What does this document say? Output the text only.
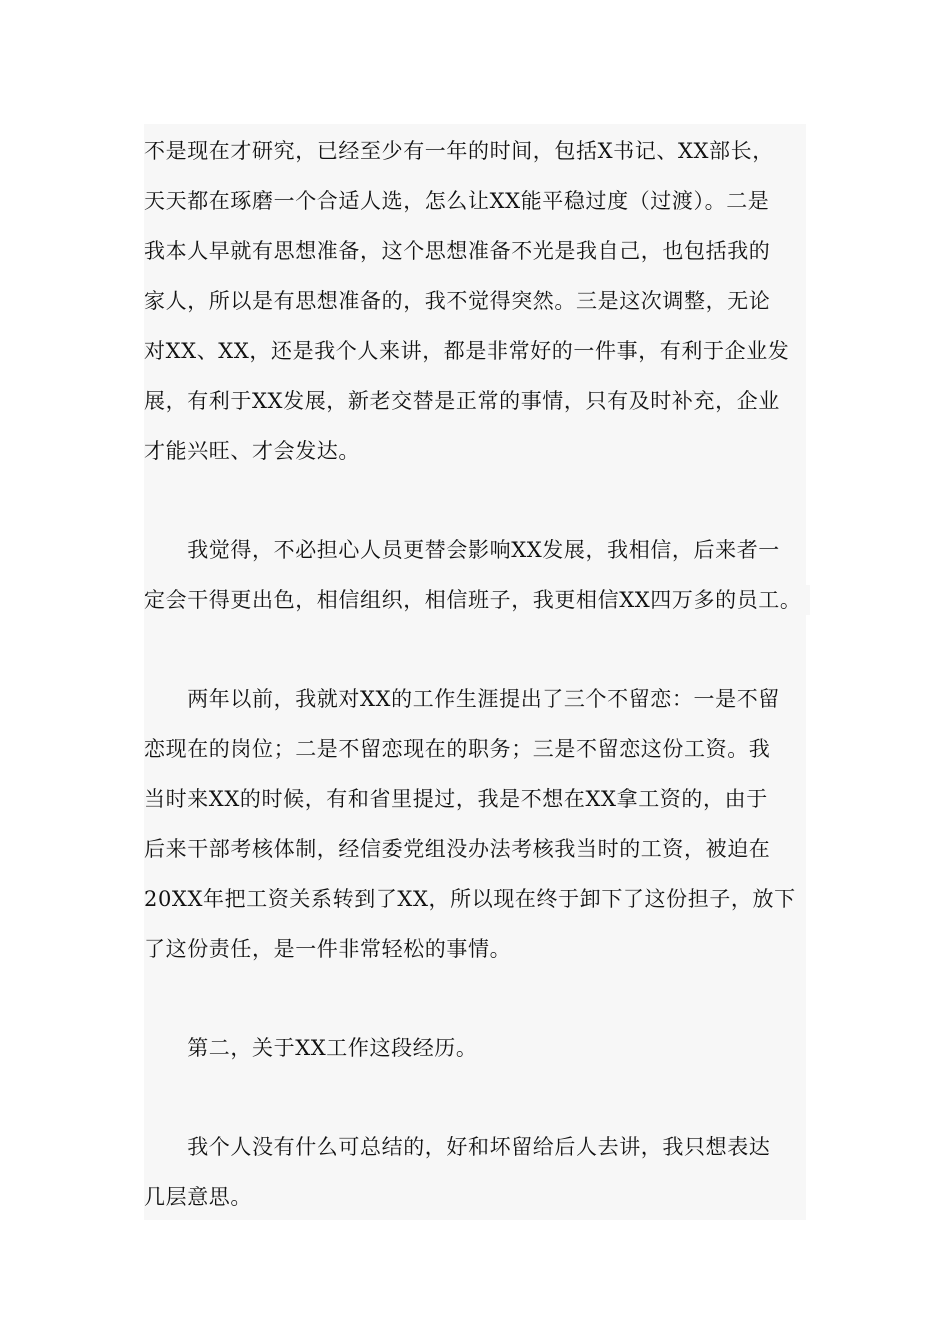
不是现在才研究，已经至少有一年的时间，包括X书记、XX部长，
天天都在琢磨一个合适人选，怎么让XX能平稳过度（过渡）。二是
我本人早就有思想准备，这个思想准备不光是我自己，也包括我的
家人，所以是有思想准备的，我不觉得突然。三是这次调整，无论
对XX、XX，还是我个人来讲，都是非常好的一件事，有利于企业发
展，有利于XX发展，新老交替是正常的事情，只有及时补充，企业
才能兴旺、才会发达。
　　我觉得，不必担心人员更替会影响XX发展，我相信，后来者一
定会干得更出色，相信组织，相信班子，我更相信XX四万多的员工。
　　两年以前，我就对XX的工作生涯提出了三个不留恋：一是不留
恋现在的岗位；二是不留恋现在的职务；三是不留恋这份工资。我
当时来XX的时候，有和省里提过，我是不想在XX拿工资的，由于
后来干部考核体制，经信委党组没办法考核我当时的工资，被迫在
20XX年把工资关系转到了XX，所以现在终于卸下了这份担子，放下
了这份责任，是一件非常轻松的事情。
　　第二，关于XX工作这段经历。
　　我个人没有什么可总结的，好和坏留给后人去讲，我只想表达
几层意思。
